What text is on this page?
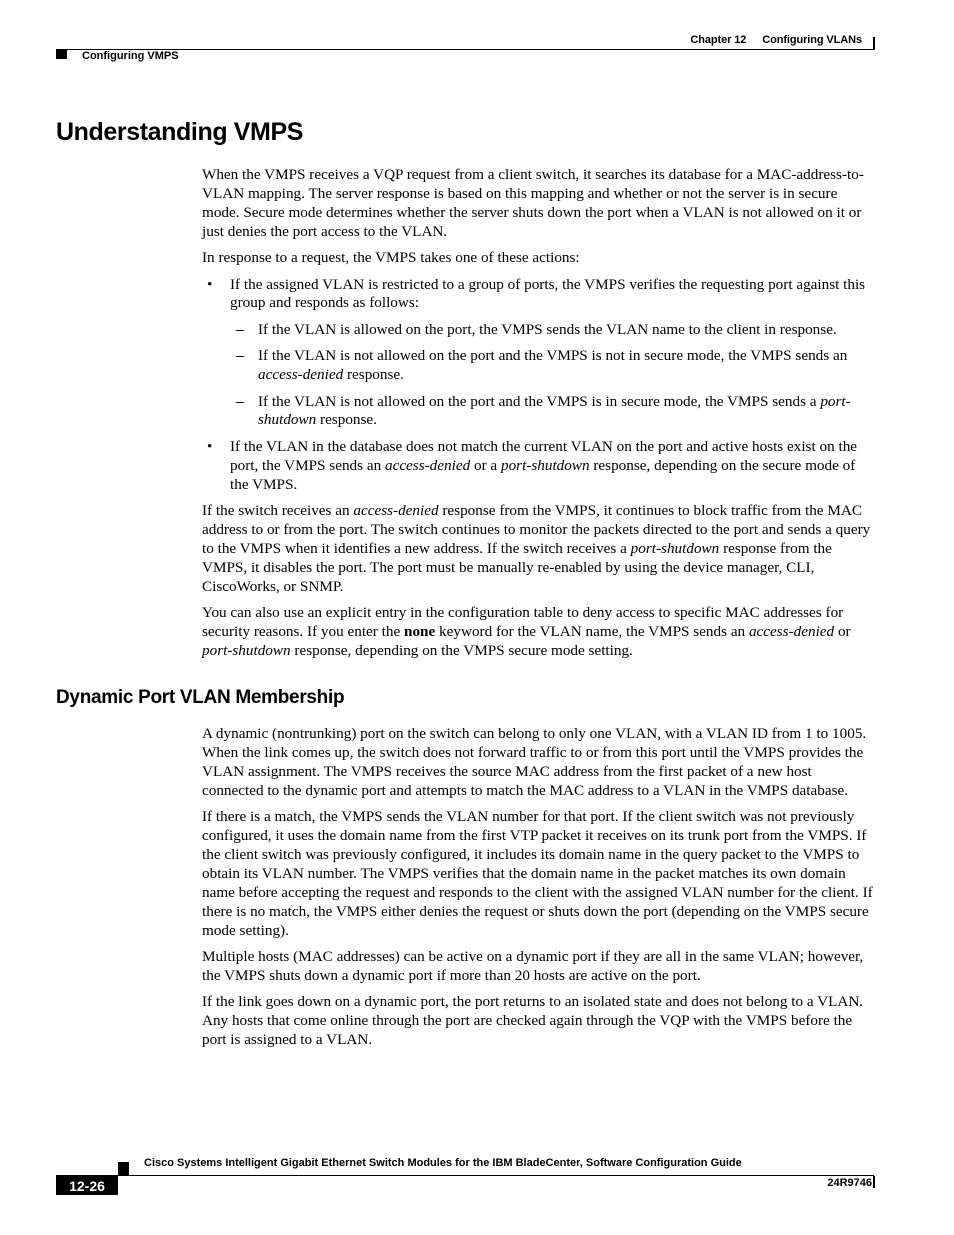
Chapter 12 Configuring VLANs
Configuring VMPS
Understanding VMPS

When the VMPS receives a VQP request from a client switch, it searches its database for a MAC-address-to-VLAN mapping. The server response is based on this mapping and whether or not the server is in secure mode. Secure mode determines whether the server shuts down the port when a VLAN is not allowed on it or just denies the port access to the VLAN.

In response to a request, the VMPS takes one of these actions:

• If the assigned VLAN is restricted to a group of ports, the VMPS verifies the requesting port against this group and responds as follows:
– If the VLAN is allowed on the port, the VMPS sends the VLAN name to the client in response.
– If the VLAN is not allowed on the port and the VMPS is not in secure mode, the VMPS sends an access-denied response.
– If the VLAN is not allowed on the port and the VMPS is in secure mode, the VMPS sends a port-shutdown response.
• If the VLAN in the database does not match the current VLAN on the port and active hosts exist on the port, the VMPS sends an access-denied or a port-shutdown response, depending on the secure mode of the VMPS.

If the switch receives an access-denied response from the VMPS, it continues to block traffic from the MAC address to or from the port. The switch continues to monitor the packets directed to the port and sends a query to the VMPS when it identifies a new address. If the switch receives a port-shutdown response from the VMPS, it disables the port. The port must be manually re-enabled by using the device manager, CLI, CiscoWorks, or SNMP.

You can also use an explicit entry in the configuration table to deny access to specific MAC addresses for security reasons. If you enter the none keyword for the VLAN name, the VMPS sends an access-denied or port-shutdown response, depending on the VMPS secure mode setting.

Dynamic Port VLAN Membership

A dynamic (nontrunking) port on the switch can belong to only one VLAN, with a VLAN ID from 1 to 1005. When the link comes up, the switch does not forward traffic to or from this port until the VMPS provides the VLAN assignment. The VMPS receives the source MAC address from the first packet of a new host connected to the dynamic port and attempts to match the MAC address to a VLAN in the VMPS database.

If there is a match, the VMPS sends the VLAN number for that port. If the client switch was not previously configured, it uses the domain name from the first VTP packet it receives on its trunk port from the VMPS. If the client switch was previously configured, it includes its domain name in the query packet to the VMPS to obtain its VLAN number. The VMPS verifies that the domain name in the packet matches its own domain name before accepting the request and responds to the client with the assigned VLAN number for the client. If there is no match, the VMPS either denies the request or shuts down the port (depending on the VMPS secure mode setting).

Multiple hosts (MAC addresses) can be active on a dynamic port if they are all in the same VLAN; however, the VMPS shuts down a dynamic port if more than 20 hosts are active on the port.

If the link goes down on a dynamic port, the port returns to an isolated state and does not belong to a VLAN. Any hosts that come online through the port are checked again through the VQP with the VMPS before the port is assigned to a VLAN.

Cisco Systems Intelligent Gigabit Ethernet Switch Modules for the IBM BladeCenter, Software Configuration Guide
12-26	24R9746
